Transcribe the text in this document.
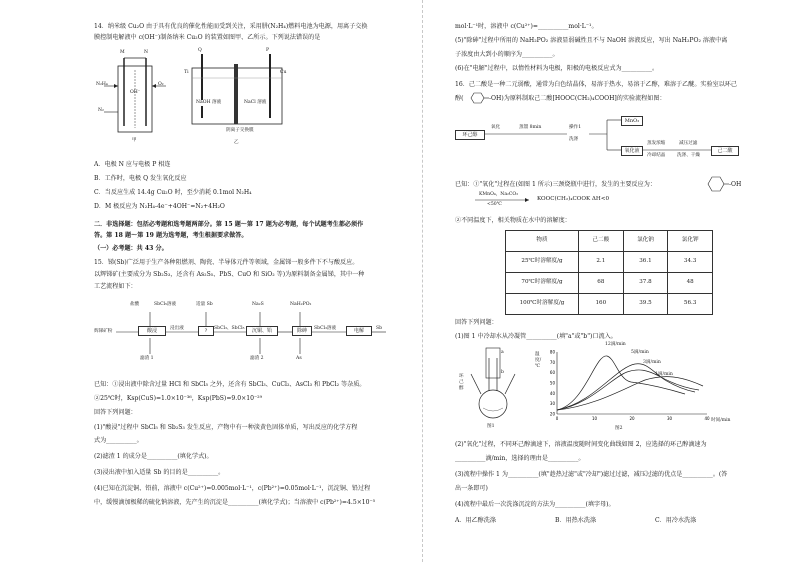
14．纳米级 Cu₂O 由于具有优良的催化性能而受到关注，采用肼(N₂H₄)燃料电池为电源，用离子交换
膜控制电解液中 c(OH⁻)制备纳米 Cu₂O 的装置如图甲、乙所示。下列说法错误的是
M	N
N₂H₄	O₂
N₂
OH⁻
甲
Q	P
Ti	Cu
NaOH 溶液	NaCl 溶液
阴离子交换膜
乙
A．电极 N 应与电极 P 相连
B．工作时，电极 Q 发生氧化反应
C．当反应生成 14.4g Cu₂O 时，至少消耗 0.1mol N₂H₄
D．M 极反应为 N₂H₄-4e⁻+4OH⁻=N₂+4H₂O
二．非选择题：包括必考题和选考题两部分。第 15 题～第 17 题为必考题，每个试题考生都必须作
答。第 18 题～第 19 题为选考题，考生根据要求做答。
（一）必考题：共 43 分。
15．锑(Sb)广泛用于生产各种阻燃剂、陶瓷、半导体元件等领域，金属锑一般多件下不与酸反应。
以辉锑矿(主要成分为 Sb₂S₃，还含有 As₂S₅、PbS、CuO 和 SiO₂ 等)为原料制备金属锑，其中一种
工艺流程如下：
盐酸	SbCl₅溶液	适量 Sb	Na₂S	NaH₂PO₂
辉锑矿粉	酸浸	浸出液	?	SbCl₃、SbCl₅	沉铜、铅	除砷	SbCl₃溶液	电解	Sb
滤渣 1	滤渣 2	As
已知：①浸出液中除含过量 HCl 和 SbCl₅ 之外，还含有 SbCl₃、CuCl₂、AsCl₃ 和 PbCl₂ 等杂质。
②25℃时，Ksp(CuS)=1.0×10⁻³⁶，Ksp(PbS)=9.0×10⁻²⁹
回答下列问题：
(1)"酸浸"过程中 SbCl₅ 和 Sb₂S₃ 发生反应，产物中有一种淡黄色固体单质，写出反应的化学方程
式为__________。
(2)滤渣 1 的成分是__________(填化学式)。
(3)浸出液中加入适量 Sb 的目的是__________。
(4)已知在沉淀铜、铅前，溶液中 c(Cu²⁺)=0.005mol·L⁻¹，c(Pb²⁺)=0.05mol·L⁻¹，沉淀铜、铅过程
中，缓慢滴加极稀的硫化钠溶液，先产生的沉淀是__________(填化学式)；当溶液中 c(Pb²⁺)=4.5×10⁻⁵
mol·L⁻¹时，溶液中 c(Cu²⁺)=__________mol·L⁻¹。
(5)"除砷"过程中所用的 NaH₂PO₂ 溶液显弱碱性且不与 NaOH 溶液反应，写出 NaH₂PO₂ 溶液中离
子浓度由大到小的顺序为__________。
(6)在"电解"过程中，以惰性材料为电极，阳极的电极反应式为__________。
16．己二酸是一种二元弱酸，通常为白色结晶体，易溶于热水，易溶于乙醇，难溶于乙醚。实验室以环己
醇(	-OH)为原料制取己二酸[HOOC(CH₂)₄COOH]的实验流程如图：
环己醇
氧化	蒸馏 8min	操作1
洗涤
MnO₂
氧化液
蒸发浓缩
冷却结晶
减压过滤
洗涤、干燥
己二酸
已知：①"氧化"过程在(如图 1 所示)三颈烧瓶中进行，发生的主要反应为：	-OH
KMnO₄，Na₂CO₃
<50℃
KOOC(CH₂)₄COOK ΔH<0
②不同温度下，相关物质在水中的溶解度：
物质	己二酸	氯化钠	氯化钾
25℃时溶解度/g	2.1	36.1	34.3
70℃时溶解度/g	68	37.8	48
100℃时溶解度/g	160	39.5	56.3
回答下列问题：
(1)图 1 中冷却水从冷凝管__________(填"a"或"b")口流入。
a
b
环己醇
图1
80
70
60
50
40
30
20
0	10	20	30	40
温度/℃
时间/min
12滴/min
5滴/min
1滴/min
3滴/min
图2
(2)"氧化"过程，不同环己醇滴速下，溶液温度随时间变化曲线如图 2，应选择的环己醇滴速为
__________滴/min，选择的理由是__________。
(3)流程中操作 1 为__________(填"趁热过滤"或"冷却")滤过过滤，减压过滤的优点是__________。(答
出一条即可)
(4)流程中最后一次洗涤沉淀的方法为__________(填字母)。
A．用乙醇洗涤	B．用热水洗涤	C．用冷水洗涤
